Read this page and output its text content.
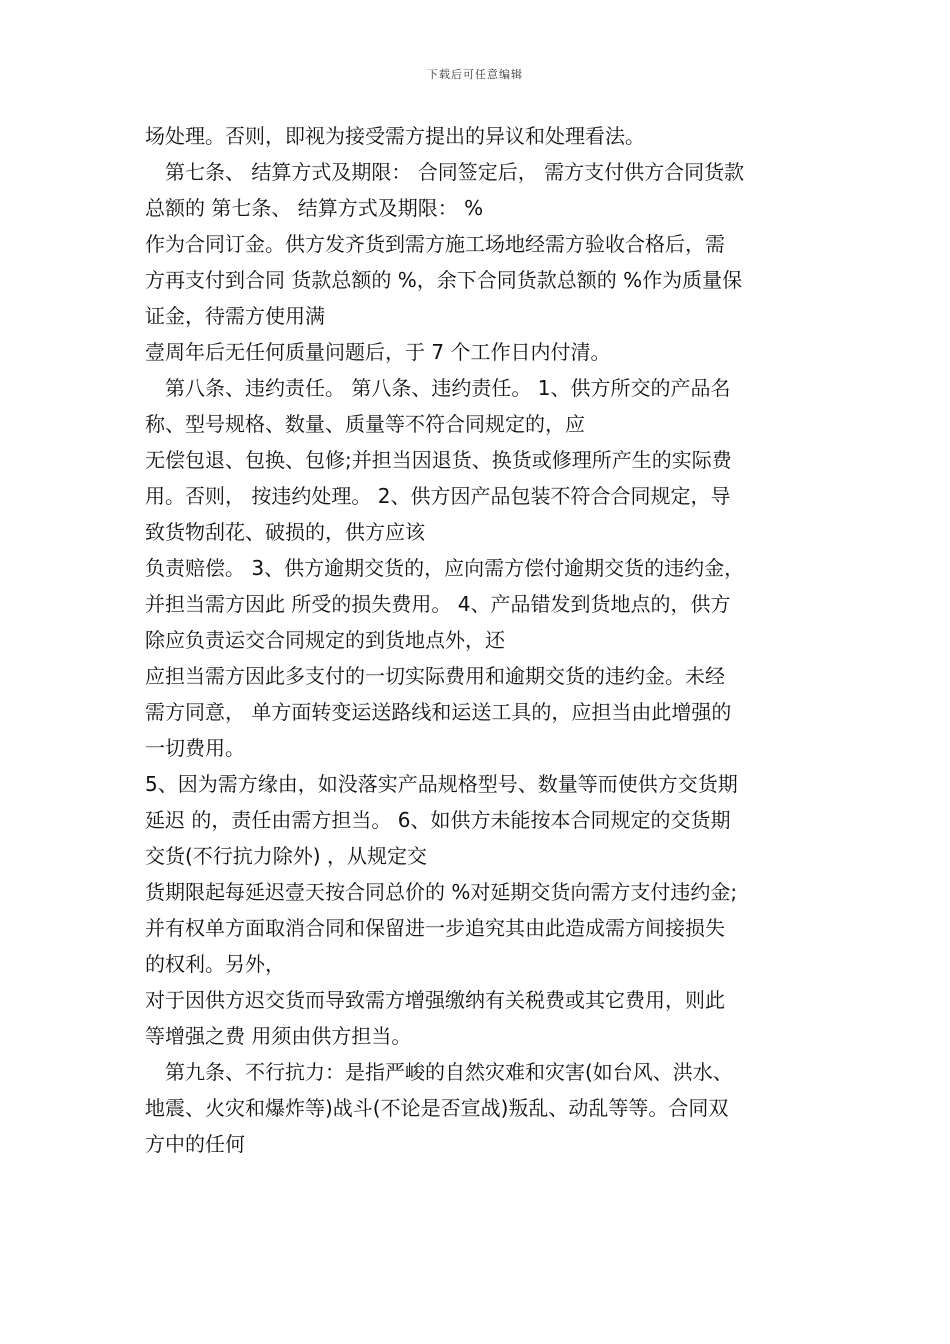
下载后可任意编辑
场处理。否则，即视为接受需方提出的异议和处理看法。
第七条、 结算方式及期限： 合同签定后， 需方支付供方合同货款
总额的 第七条、 结算方式及期限： %
作为合同订金。供方发齐货到需方施工场地经需方验收合格后，需
方再支付到合同 货款总额的 %，余下合同货款总额的 %作为质量保
证金，待需方使用满
壹周年后无任何质量问题后，于 7 个工作日内付清。
第八条、违约责任。 第八条、违约责任。 1、供方所交的产品名
称、型号规格、数量、质量等不符合同规定的，应
无偿包退、包换、包修;并担当因退货、换货或修理所产生的实际费
用。否则， 按违约处理。 2、供方因产品包装不符合合同规定，导
致货物刮花、破损的，供方应该
负责赔偿。 3、供方逾期交货的，应向需方偿付逾期交货的违约金，
并担当需方因此 所受的损失费用。 4、产品错发到货地点的，供方
除应负责运交合同规定的到货地点外，还
应担当需方因此多支付的一切实际费用和逾期交货的违约金。未经
需方同意， 单方面转变运送路线和运送工具的，应担当由此增强的
一切费用。
5、因为需方缘由，如没落实产品规格型号、数量等而使供方交货期
延迟 的，责任由需方担当。 6、如供方未能按本合同规定的交货期
交货(不行抗力除外) ，从规定交
货期限起每延迟壹天按合同总价的 %对延期交货向需方支付违约金;
并有权单方面取消合同和保留进一步追究其由此造成需方间接损失
的权利。另外，
对于因供方迟交货而导致需方增强缴纳有关税费或其它费用，则此
等增强之费 用须由供方担当。
第九条、不行抗力：是指严峻的自然灾难和灾害(如台风、洪水、
地震、火灾和爆炸等)战斗(不论是否宣战)叛乱、动乱等等。合同双
方中的任何
